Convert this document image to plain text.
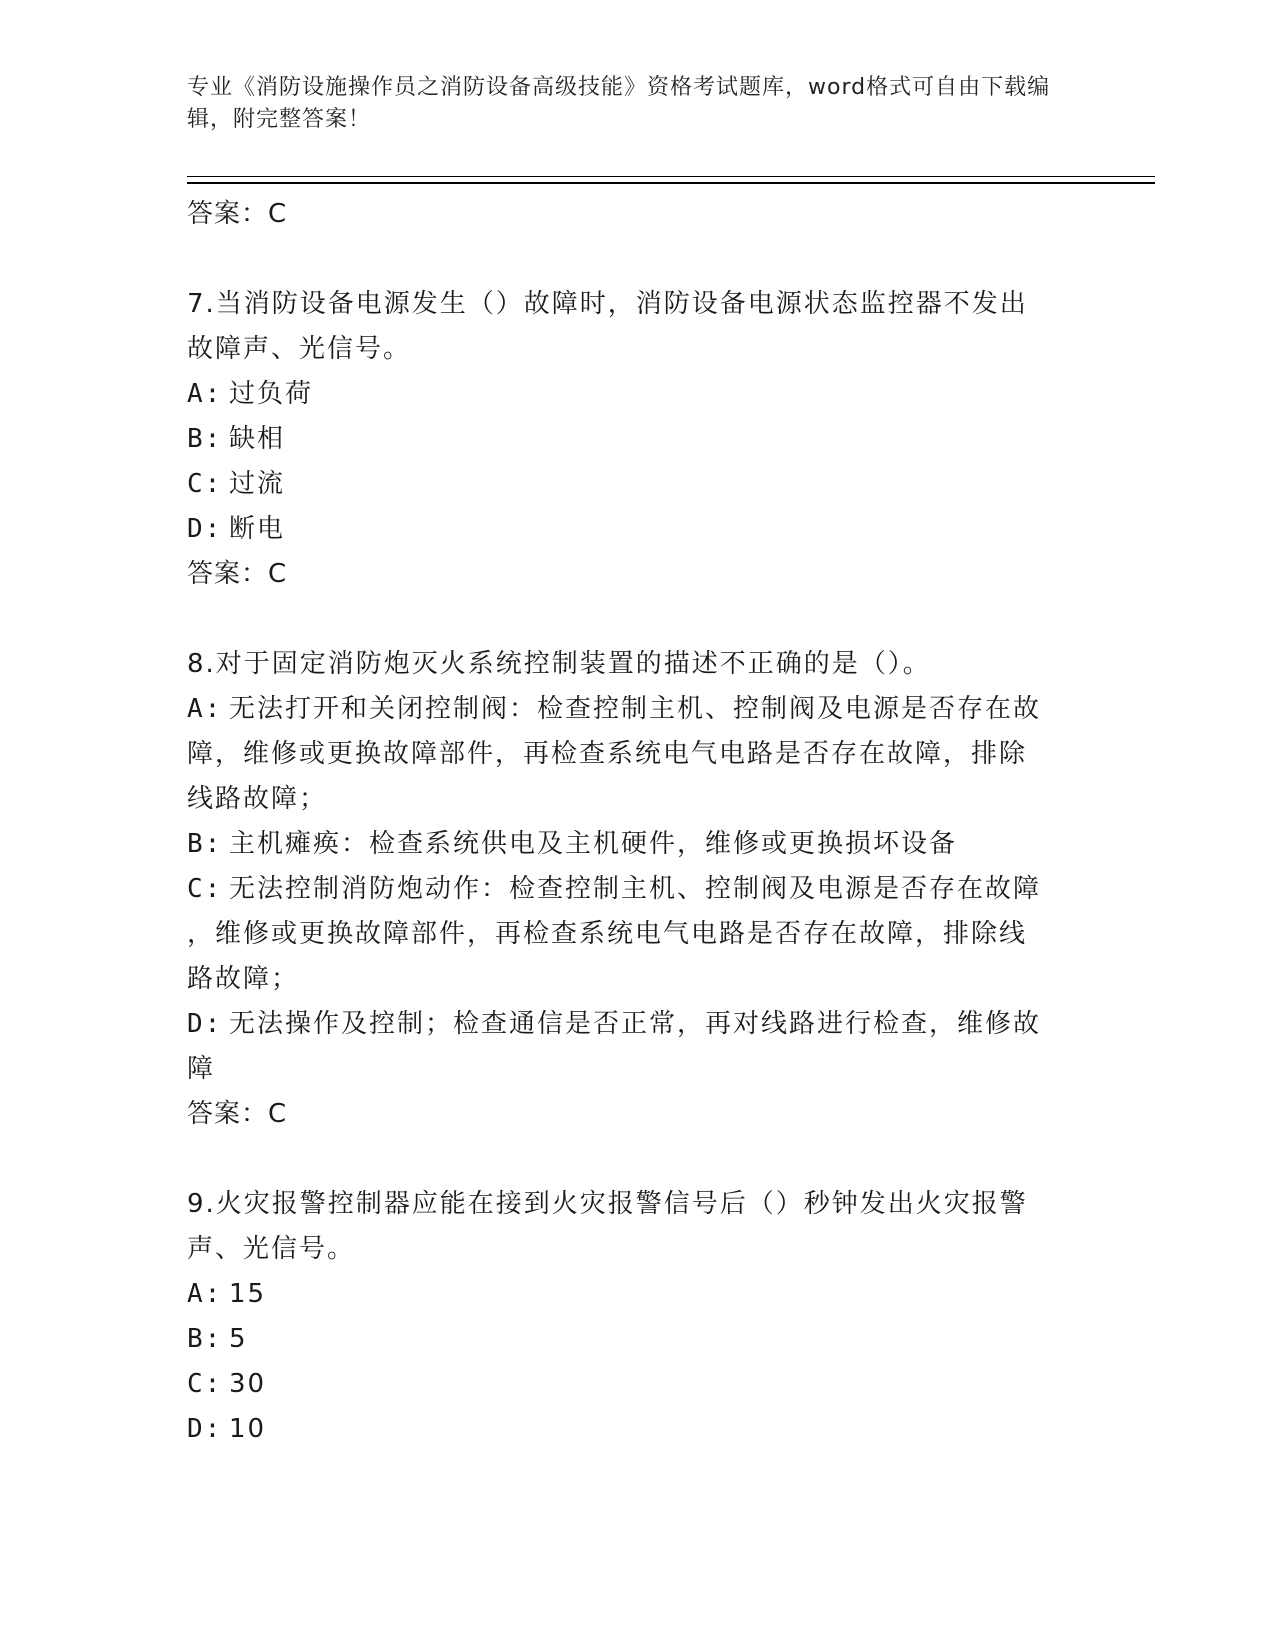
专业《消防设施操作员之消防设备高级技能》资格考试题库，word格式可自由下载编辑，附完整答案！

答案：C

7.当消防设备电源发生（）故障时，消防设备电源状态监控器不发出

故障声、光信号。

A: 过负荷

B: 缺相

C: 过流

D: 断电

答案：C

8.对于固定消防炮灭火系统控制装置的描述不正确的是（）。

A: 无法打开和关闭控制阀：检查控制主机、控制阀及电源是否存在故

障，维修或更换故障部件，再检查系统电气电路是否存在故障，排除

线路故障；

B: 主机瘫痪：检查系统供电及主机硬件，维修或更换损坏设备

C: 无法控制消防炮动作：检查控制主机、控制阀及电源是否存在故障

，维修或更换故障部件，再检查系统电气电路是否存在故障，排除线

路故障；

D: 无法操作及控制；检查通信是否正常，再对线路进行检查，维修故

障

答案：C

9.火灾报警控制器应能在接到火灾报警信号后（）秒钟发出火灾报警

声、光信号。

A: 15

B: 5

C: 30

D: 10
